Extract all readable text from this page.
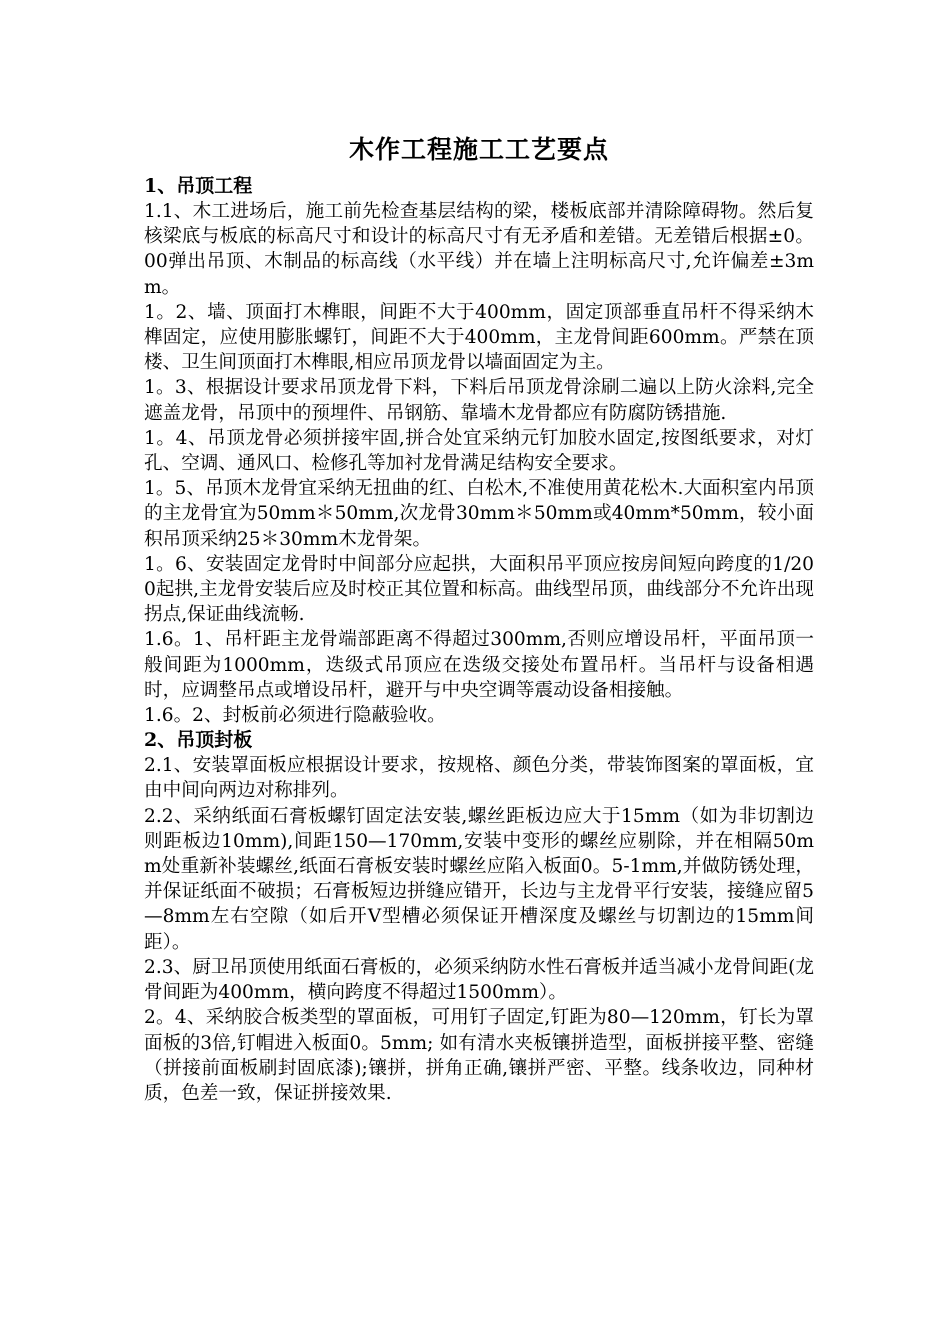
木作工程施工工艺要点
1、吊顶工程

1.1、木工进场后，施工前先检查基层结构的梁，楼板底部并清除障碍物。然后复核梁底与板底的标高尺寸和设计的标高尺寸有无矛盾和差错。无差错后根据±0。00弹出吊顶、木制品的标高线（水平线）并在墙上注明标高尺寸,允许偏差±3mm。

1。2、墙、顶面打木榫眼，间距不大于400mm，固定顶部垂直吊杆不得采纳木榫固定，应使用膨胀螺钉，间距不大于400mm，主龙骨间距600mm。严禁在顶楼、卫生间顶面打木榫眼,相应吊顶龙骨以墙面固定为主。

1。3、根据设计要求吊顶龙骨下料，下料后吊顶龙骨涂刷二遍以上防火涂料,完全遮盖龙骨，吊顶中的预埋件、吊钢筋、靠墙木龙骨都应有防腐防锈措施.

1。4、吊顶龙骨必须拼接牢固,拼合处宜采纳元钉加胶水固定,按图纸要求，对灯孔、空调、通风口、检修孔等加衬龙骨满足结构安全要求。

1。5、吊顶木龙骨宜采纳无扭曲的红、白松木,不准使用黄花松木.大面积室内吊顶的主龙骨宜为50mm＊50mm,次龙骨30mm＊50mm或40mm*50mm，较小面积吊顶采纳25＊30mm木龙骨架。

1。6、安装固定龙骨时中间部分应起拱，大面积吊平顶应按房间短向跨度的1/200起拱,主龙骨安装后应及时校正其位置和标高。曲线型吊顶，曲线部分不允许出现拐点,保证曲线流畅.

1.6。1、吊杆距主龙骨端部距离不得超过300mm,否则应增设吊杆，平面吊顶一般间距为1000mm，迭级式吊顶应在迭级交接处布置吊杆。当吊杆与设备相遇时，应调整吊点或增设吊杆，避开与中央空调等震动设备相接触。

1.6。2、封板前必须进行隐蔽验收。

2、吊顶封板

2.1、安装罩面板应根据设计要求，按规格、颜色分类，带装饰图案的罩面板，宜由中间向两边对称排列。

2.2、采纳纸面石膏板螺钉固定法安装,螺丝距板边应大于15mm（如为非切割边则距板边10mm),间距150—170mm,安装中变形的螺丝应剔除，并在相隔50mm处重新补装螺丝,纸面石膏板安装时螺丝应陷入板面0。5-1mm,并做防锈处理，并保证纸面不破损；石膏板短边拼缝应错开，长边与主龙骨平行安装，接缝应留5—8mm左右空隙（如后开V型槽必须保证开槽深度及螺丝与切割边的15mm间距）。

2.3、厨卫吊顶使用纸面石膏板的，必须采纳防水性石膏板并适当减小龙骨间距(龙骨间距为400mm，横向跨度不得超过1500mm）。

2。4、采纳胶合板类型的罩面板，可用钉子固定,钉距为80—120mm，钉长为罩面板的3倍,钉帽进入板面0。5mm; 如有清水夹板镶拼造型，面板拼接平整、密缝（拼接前面板刷封固底漆);镶拼，拼角正确,镶拼严密、平整。线条收边，同种材质，色差一致，保证拼接效果.
